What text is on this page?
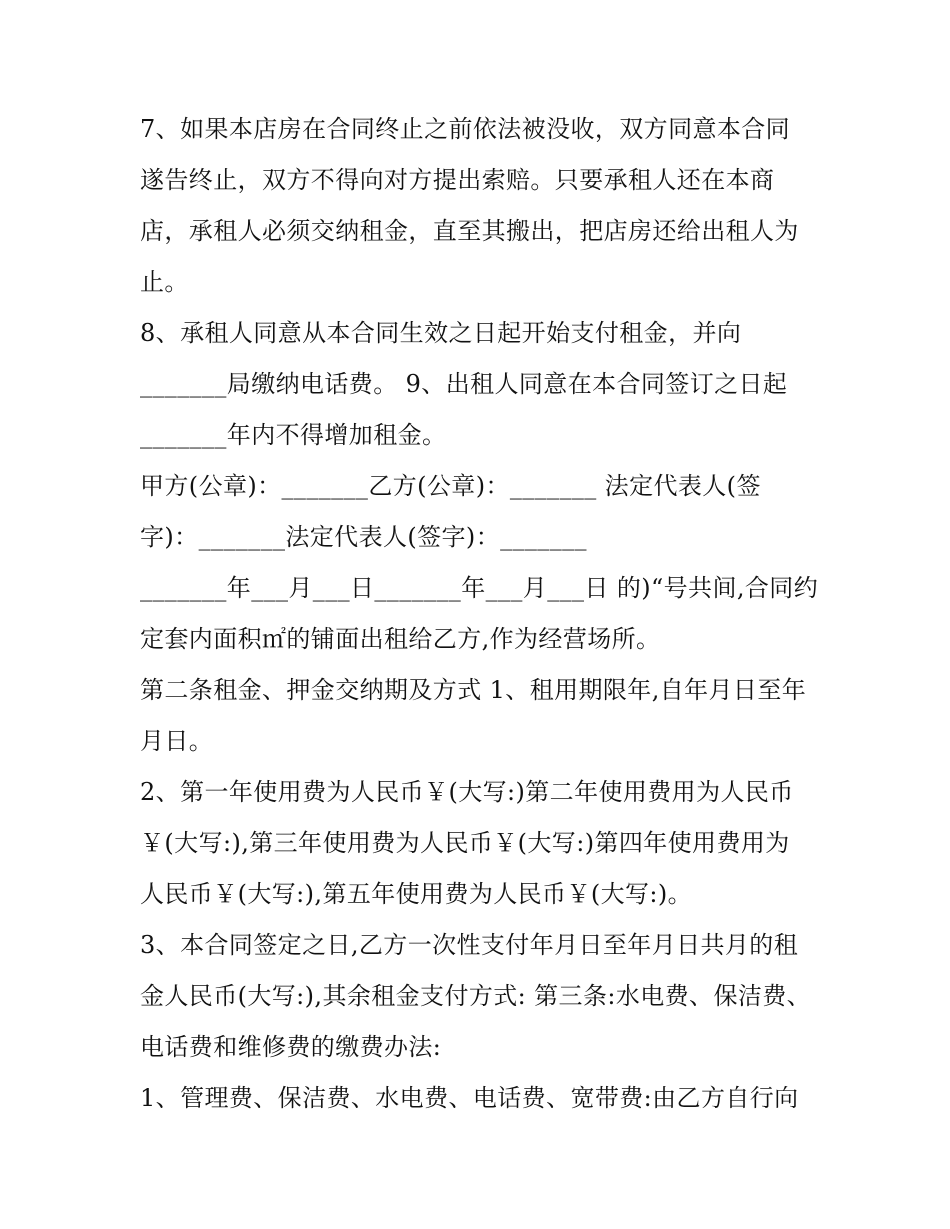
7、如果本店房在合同终止之前依法被没收，双方同意本合同

遂告终止，双方不得向对方提出索赔。只要承租人还在本商

店，承租人必须交纳租金，直至其搬出，把店房还给出租人为

止。

8、承租人同意从本合同生效之日起开始支付租金，并向

_______局缴纳电话费。 9、出租人同意在本合同签订之日起

_______年内不得增加租金。

甲方(公章)：_______乙方(公章)：_______ 法定代表人(签

字)：_______法定代表人(签字)：_______

_______年___月___日_______年___月___日 的)“号共间,合同约

定套内面积㎡的铺面出租给乙方,作为经营场所。

第二条租金、押金交纳期及方式 1、租用期限年,自年月日至年

月日。

2、第一年使用费为人民币￥(大写:)第二年使用费用为人民币

￥(大写:),第三年使用费为人民币￥(大写:)第四年使用费用为

人民币￥(大写:),第五年使用费为人民币￥(大写:)。

3、本合同签定之日,乙方一次性支付年月日至年月日共月的租

金人民币(大写:),其余租金支付方式: 第三条:水电费、保洁费、

电话费和维修费的缴费办法:

1、管理费、保洁费、水电费、电话费、宽带费:由乙方自行向
